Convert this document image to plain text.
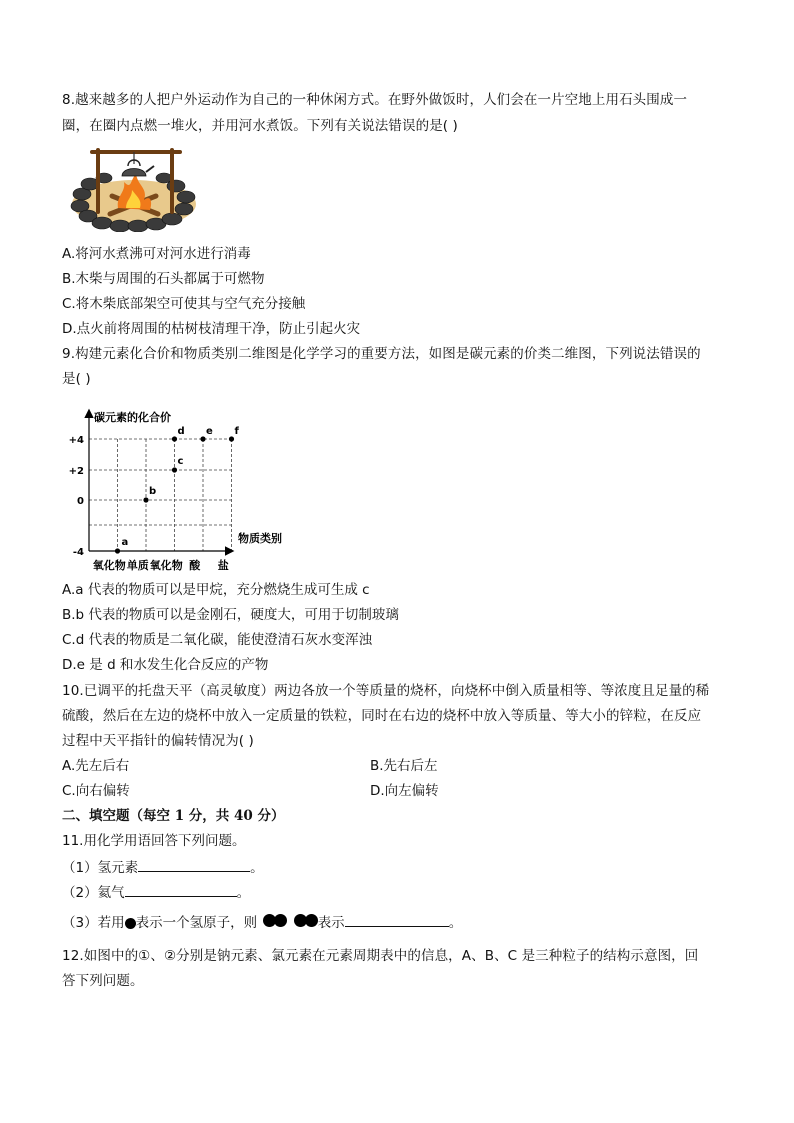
8.越来越多的人把户外运动作为自己的一种休闲方式。在野外做饭时，人们会在一片空地上用石头围成一
圈，在圈内点燃一堆火，并用河水煮饭。下列有关说法错误的是( )
A.将河水煮沸可对河水进行消毒
B.木柴与周围的石头都属于可燃物
C.将木柴底部架空可使其与空气充分接触
D.点火前将周围的枯树枝清理干净，防止引起火灾
9.构建元素化合价和物质类别二维图是化学学习的重要方法，如图是碳元素的价类二维图，下列说法错误的
是( )
碳元素的化合价
物质类别
+4
+2
0
-4
氧化物 单质 氧化物 酸 盐
a
b
c
d e f
A.a 代表的物质可以是甲烷，充分燃烧生成可生成 c
B.b 代表的物质可以是金刚石，硬度大，可用于切制玻璃
C.d 代表的物质是二氧化碳，能使澄清石灰水变浑浊
D.e 是 d 和水发生化合反应的产物
10.已调平的托盘天平（高灵敏度）两边各放一个等质量的烧杯，向烧杯中倒入质量相等、等浓度且足量的稀
硫酸，然后在左边的烧杯中放入一定质量的铁粒，同时在右边的烧杯中放入等质量、等大小的锌粒，在反应
过程中天平指针的偏转情况为( )
A.先左后右	B.先右后左
C.向右偏转	D.向左偏转
二、填空题（每空 1 分，共 40 分）
11.用化学用语回答下列问题。
（1）氢元素	。
（2）氦气	。
（3）若用 表示一个氢原子，则	表示	。
12.如图中的①、②分别是钠元素、氯元素在元素周期表中的信息，A、B、C 是三种粒子的结构示意图，回
答下列问题。
